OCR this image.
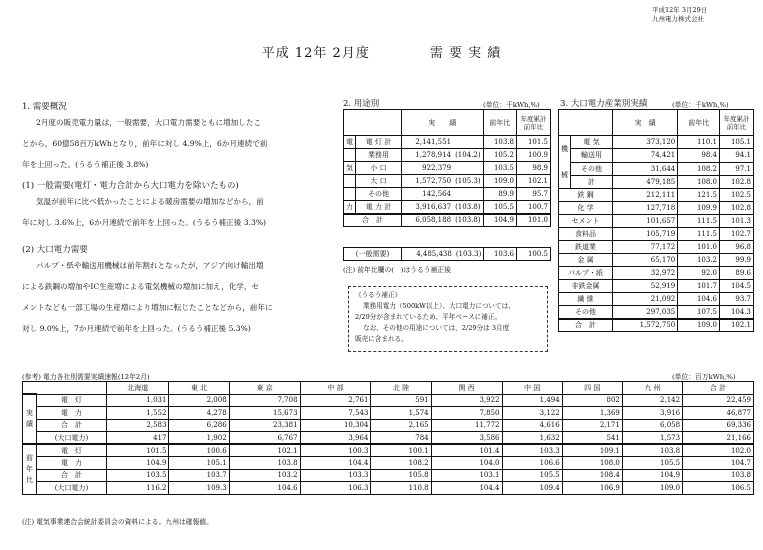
平成12年 3月29日
九州電力株式会社
平成 12年 2月度	需 要 実 績
1. 需要概況
2月度の販売電力量は，一般需要，大口電力需要ともに増加したこ
とから，60億58百万kWhとなり，前年に対し 4.9%上，6か月連続で前
年を上回った。(うるう補正後 3.8%)
(1) 一般需要(電灯・電力合計から大口電力を除いたもの)
気温が前年に比べ低かったことによる暖房需要の増加などから，前
年に対し 3.6%上，6か月連続で前年を上回った。(うるう補正後 3.3%)
(2) 大口電力需要
パルプ・紙や輸送用機械は前年割れとなったが，アジア向け輸出増
による鉄鋼の増加やIC生産増による電気機械の増加に加え，化学，セ
メントなども一部工場の生産増により増加に転じたことなどから，前年に
対し 9.0%上，7か月連続で前年を上回った。(うるう補正後 5.3%)
2. 用途別	(単位：千kWh,%)
		実　　績		前年比	年度累計前年比
電	電 灯 計	2,141,551		103.8	101.5
	業務用	1,278,914	(104.2)	105.2	100.9
気	小 口	922,379		103.5	98.9
	大 口	1,572,750	(105.3)	109.0	102.1
	その他	142,564		89.9	95.7
力	電 力 計	3,916,637	(103.8)	105.5	100.7
合　計		6,058,188	(103.8)	104.9	101.0
(一般需要)	4,485,438	(103.3)	103.6	100.5
(注) 前年比欄の(　)はうるう補正後
《うるう補正》
業務用電力（500kW以上）、大口電力については、
2/29分が含まれているため、平年ベースに補正。
なお、その他の用途については，2/29分は 3月度
販売に含まれる。
3. 大口電力産業別実績	(単位：千kWh,%)
		実　績	前年比	年度累計前年比

機
械	電 気	373,120	110.1	105.1
	輸送用	74,421	98.4	94.1
	その他	31,644	108.2	97.1
	計	479,185	108.0	102.8
鉄 鋼		212,111	121.5	102.5
化 学		127,718	109.9	102.8
セメント		101,657	111.5	101.3
食料品		105,719	111.5	102.7
鉄道業		77,172	101.0	96.8
金 属		65,170	103.2	99.9
パルプ・紙		32,972	92.0	89.6
非鉄金属		52,919	101.7	104.5
繊 維		21,092	104.6	93.7
その他		297,035	107.5	104.3
合　計		1,572,750	109.0	102.1
(参考) 電力各社別需要実績速報(12年2月)	(単位：百万kWh,%)
		北海道	東 北	東 京	中 部	北 陸	関 西	中 国	四 国	九 州	合 計

実
績	電　灯	1,031	2,008	7,708	2,761	591	3,922	1,494	802	2,142	22,459
	電　力	1,552	4,278	15,673	7,543	1,574	7,850	3,122	1,369	3,916	46,877
	合　計	2,583	6,286	23,381	10,304	2,165	11,772	4,616	2,171	6,058	69,336
	(大口電力)	417	1,902	6,767	3,964	784	3,586	1,632	541	1,573	21,166

前
年
比	電　灯	101.5	100.6	102.1	100.3	100.1	101.4	103.3	109.1	103.8	102.0
	電　力	104.9	105.1	103.8	104.4	108.2	104.0	106.6	108.0	105.5	104.7
	合　計	103.5	103.7	103.2	103.3	105.8	103.1	105.5	108.4	104.9	103.8
	(大口電力)	116.2	109.3	104.6	106.3	110.8	104.4	109.4	106.9	109.0	106.5
(注) 電気事業連合会統計委員会の資料による。九州は確報値。
